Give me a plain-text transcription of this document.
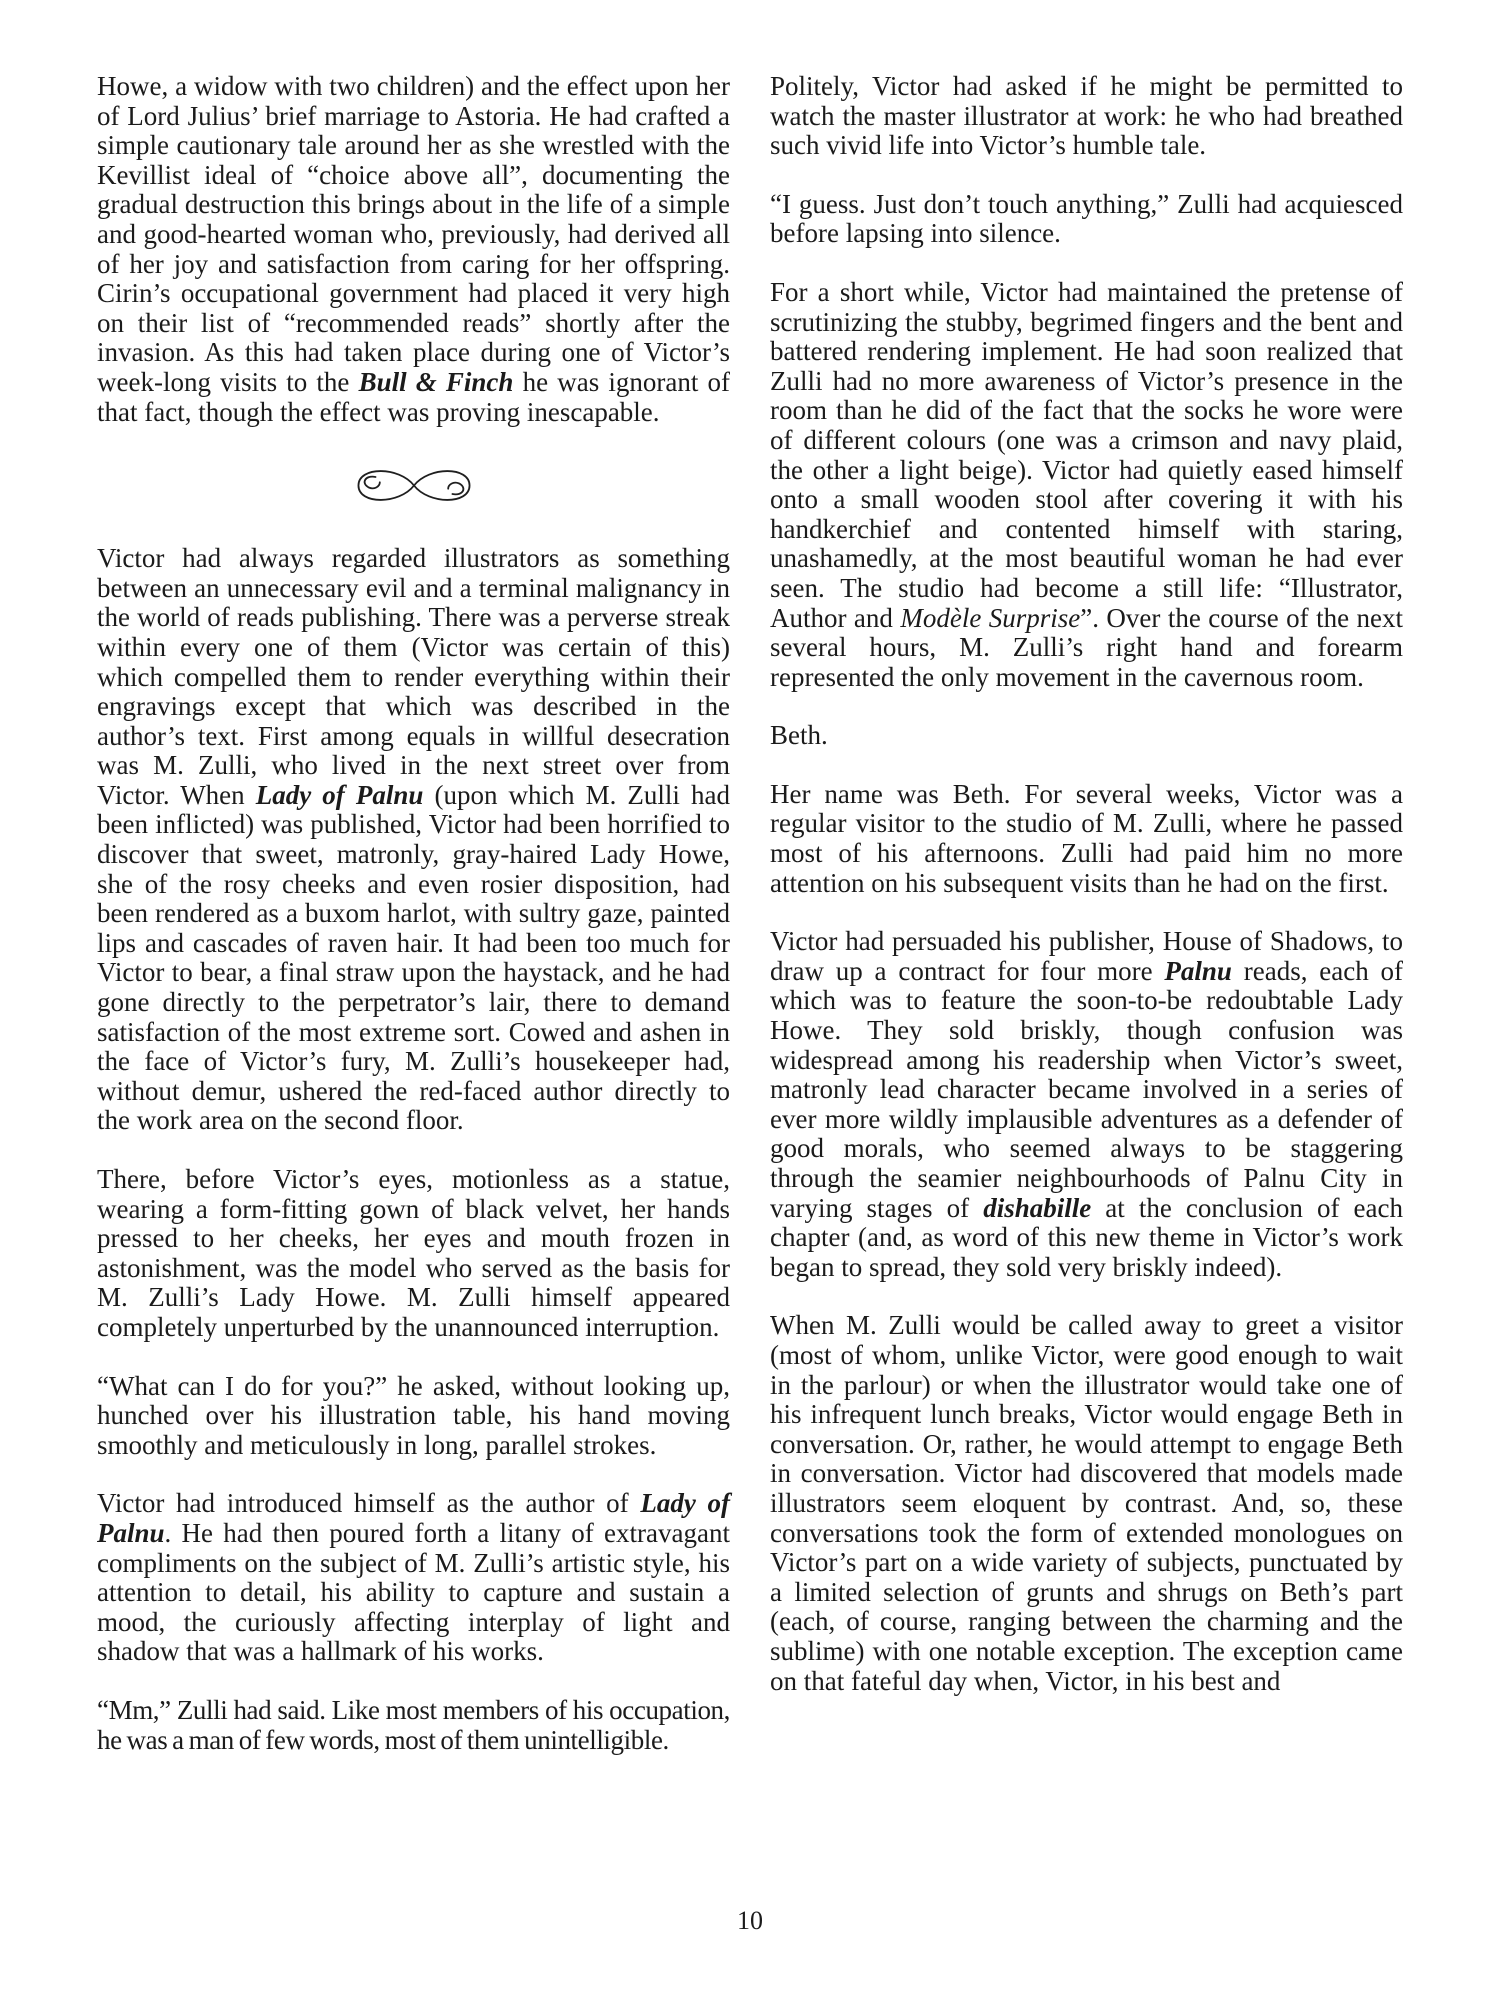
Howe, a widow with two children) and the effect upon her of Lord Julius’ brief marriage to Astoria. He had crafted a simple cautionary tale around her as she wrestled with the Kevillist ideal of “choice above all”, documenting the gradual destruction this brings about in the life of a simple and good-hearted woman who, previously, had derived all of her joy and satisfaction from caring for her offspring. Cirin’s occupational government had placed it very high on their list of “recommended reads” shortly after the invasion. As this had taken place during one of Victor’s week-long visits to the Bull & Finch he was ignorant of that fact, though the effect was proving inescapable.

Victor had always regarded illustrators as something between an unnecessary evil and a terminal malignancy in the world of reads publishing. There was a perverse streak within every one of them (Victor was certain of this) which compelled them to render everything within their engravings except that which was described in the author’s text. First among equals in willful desecration was M. Zulli, who lived in the next street over from Victor. When Lady of Palnu (upon which M. Zulli had been inflicted) was published, Victor had been horrified to discover that sweet, matronly, gray-haired Lady Howe, she of the rosy cheeks and even rosier disposition, had been rendered as a buxom harlot, with sultry gaze, painted lips and cascades of raven hair. It had been too much for Victor to bear, a final straw upon the haystack, and he had gone directly to the perpetrator’s lair, there to demand satisfaction of the most extreme sort. Cowed and ashen in the face of Victor’s fury, M. Zulli’s housekeeper had, without demur, ushered the red-faced author directly to the work area on the second floor.

There, before Victor’s eyes, motionless as a statue, wearing a form-fitting gown of black velvet, her hands pressed to her cheeks, her eyes and mouth frozen in astonishment, was the model who served as the basis for M. Zulli’s Lady Howe. M. Zulli himself appeared completely unperturbed by the unannounced interruption.

“What can I do for you?” he asked, without looking up, hunched over his illustration table, his hand moving smoothly and meticulously in long, parallel strokes.

Victor had introduced himself as the author of Lady of Palnu. He had then poured forth a litany of extravagant compliments on the subject of M. Zulli’s artistic style, his attention to detail, his ability to capture and sustain a mood, the curiously affecting interplay of light and shadow that was a hallmark of his works.

“Mm,” Zulli had said. Like most members of his occupation, he was a man of few words, most of them unintelligible.

Politely, Victor had asked if he might be permitted to watch the master illustrator at work: he who had breathed such vivid life into Victor’s humble tale.

“I guess. Just don’t touch anything,” Zulli had acquiesced before lapsing into silence.

For a short while, Victor had maintained the pretense of scrutinizing the stubby, begrimed fingers and the bent and battered rendering implement. He had soon realized that Zulli had no more awareness of Victor’s presence in the room than he did of the fact that the socks he wore were of different colours (one was a crimson and navy plaid, the other a light beige). Victor had quietly eased himself onto a small wooden stool after covering it with his handkerchief and contented himself with staring, unashamedly, at the most beautiful woman he had ever seen. The studio had become a still life: “Illustrator, Author and Modèle Surprise”. Over the course of the next several hours, M. Zulli’s right hand and forearm represented the only movement in the cavernous room.

Beth.

Her name was Beth. For several weeks, Victor was a regular visitor to the studio of M. Zulli, where he passed most of his afternoons. Zulli had paid him no more attention on his subsequent visits than he had on the first.

Victor had persuaded his publisher, House of Shadows, to draw up a contract for four more Palnu reads, each of which was to feature the soon-to-be redoubtable Lady Howe. They sold briskly, though confusion was widespread among his readership when Victor’s sweet, matronly lead character became involved in a series of ever more wildly implausible adventures as a defender of good morals, who seemed always to be staggering through the seamier neighbourhoods of Palnu City in varying stages of dishabille at the conclusion of each chapter (and, as word of this new theme in Victor’s work began to spread, they sold very briskly indeed).

When M. Zulli would be called away to greet a visitor (most of whom, unlike Victor, were good enough to wait in the parlour) or when the illustrator would take one of his infrequent lunch breaks, Victor would engage Beth in conversation. Or, rather, he would attempt to engage Beth in conversation. Victor had discovered that models made illustrators seem eloquent by contrast. And, so, these conversations took the form of extended monologues on Victor’s part on a wide variety of subjects, punctuated by a limited selection of grunts and shrugs on Beth’s part (each, of course, ranging between the charming and the sublime) with one notable exception. The exception came on that fateful day when, Victor, in his best and

10
